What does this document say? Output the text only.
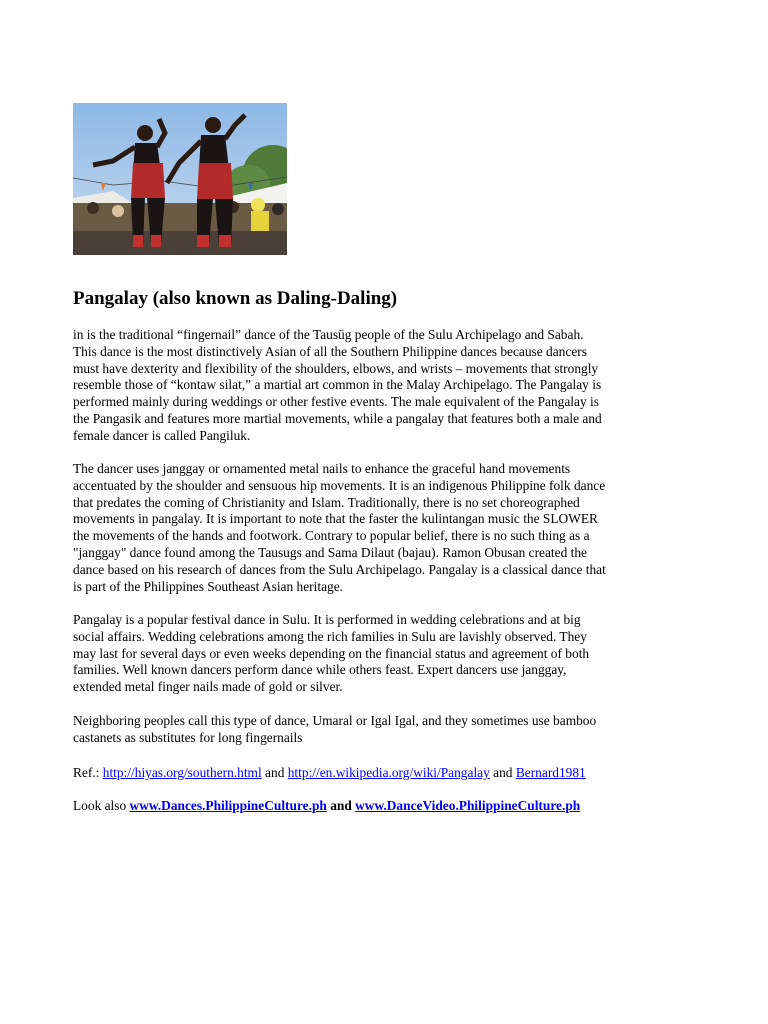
Pangalay (also known as Daling-Daling)

in is the traditional “fingernail” dance of the Tausūg people of the Sulu Archipelago and Sabah.
This dance is the most distinctively Asian of all the Southern Philippine dances because dancers
must have dexterity and flexibility of the shoulders, elbows, and wrists – movements that strongly
resemble those of “kontaw silat,” a martial art common in the Malay Archipelago. The Pangalay is
performed mainly during weddings or other festive events. The male equivalent of the Pangalay is
the Pangasik and features more martial movements, while a pangalay that features both a male and
female dancer is called Pangiluk.

The dancer uses janggay or ornamented metal nails to enhance the graceful hand movements
accentuated by the shoulder and sensuous hip movements. It is an indigenous Philippine folk dance
that predates the coming of Christianity and Islam. Traditionally, there is no set choreographed
movements in pangalay. It is important to note that the faster the kulintangan music the SLOWER
the movements of the hands and footwork. Contrary to popular belief, there is no such thing as a
"janggay" dance found among the Tausugs and Sama Dilaut (bajau). Ramon Obusan created the
dance based on his research of dances from the Sulu Archipelago. Pangalay is a classical dance that
is part of the Philippines Southeast Asian heritage.

Pangalay is a popular festival dance in Sulu. It is performed in wedding celebrations and at big
social affairs. Wedding celebrations among the rich families in Sulu are lavishly observed. They
may last for several days or even weeks depending on the financial status and agreement of both
families. Well known dancers perform dance while others feast. Expert dancers use janggay,
extended metal finger nails made of gold or silver.

Neighboring peoples call this type of dance, Umaral or Igal Igal, and they sometimes use bamboo
castanets as substitutes for long fingernails

Ref.: http://hiyas.org/southern.html and http://en.wikipedia.org/wiki/Pangalay and Bernard1981
Look also www.Dances.PhilippineCulture.ph and www.DanceVideo.PhilippineCulture.ph
